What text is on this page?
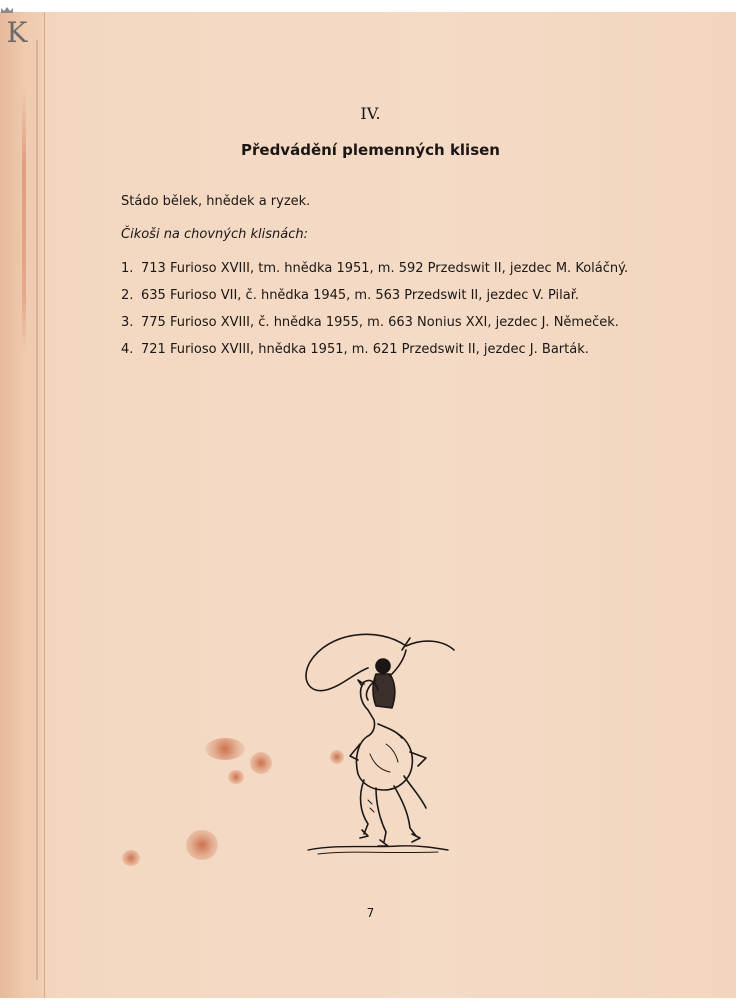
K
IV.
Předvádění plemenných klisen
Stádo bělek, hnědek a ryzek.
Čikoši na chovných klisnách:
1. 713 Furioso XVIII, tm. hnědka 1951, m. 592 Przedswit II, jezdec M. Koláčný.
2. 635 Furioso VII, č. hnědka 1945, m. 563 Przedswit II, jezdec V. Pilař.
3. 775 Furioso XVIII, č. hnědka 1955, m. 663 Nonius XXI, jezdec J. Němeček.
4. 721 Furioso XVIII, hnědka 1951, m. 621 Przedswit II, jezdec J. Barták.
7
